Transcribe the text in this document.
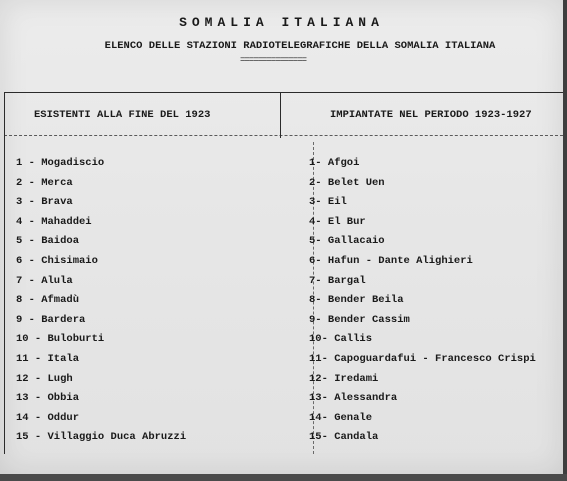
SOMALIA ITALIANA
ELENCO DELLE STAZIONI RADIOTELEGRAFICHE DELLA SOMALIA ITALIANA
===============
ESISTENTI ALLA FINE DEL 1923	IMPIANTATE NEL PERIODO 1923-1927
1 - Mogadiscio
2 - Merca
3 - Brava
4 - Mahaddei
5 - Baidoa
6 - Chisimaio
7 - Alula
8 - Afmadù
9 - Bardera
10 - Buloburti
11 - Itala
12 - Lugh
13 - Obbia
14 - Oddur
15 - Villaggio Duca Abruzzi
1- Afgoi
2- Belet Uen
3- Eil
4- El Bur
5- Gallacaio
6- Hafun - Dante Alighieri
7- Bargal
8- Bender Beila
9- Bender Cassim
10- Callis
11- Capoguardafui - Francesco Crispi
12- Iredami
13- Alessandra
14- Genale
15- Candala
